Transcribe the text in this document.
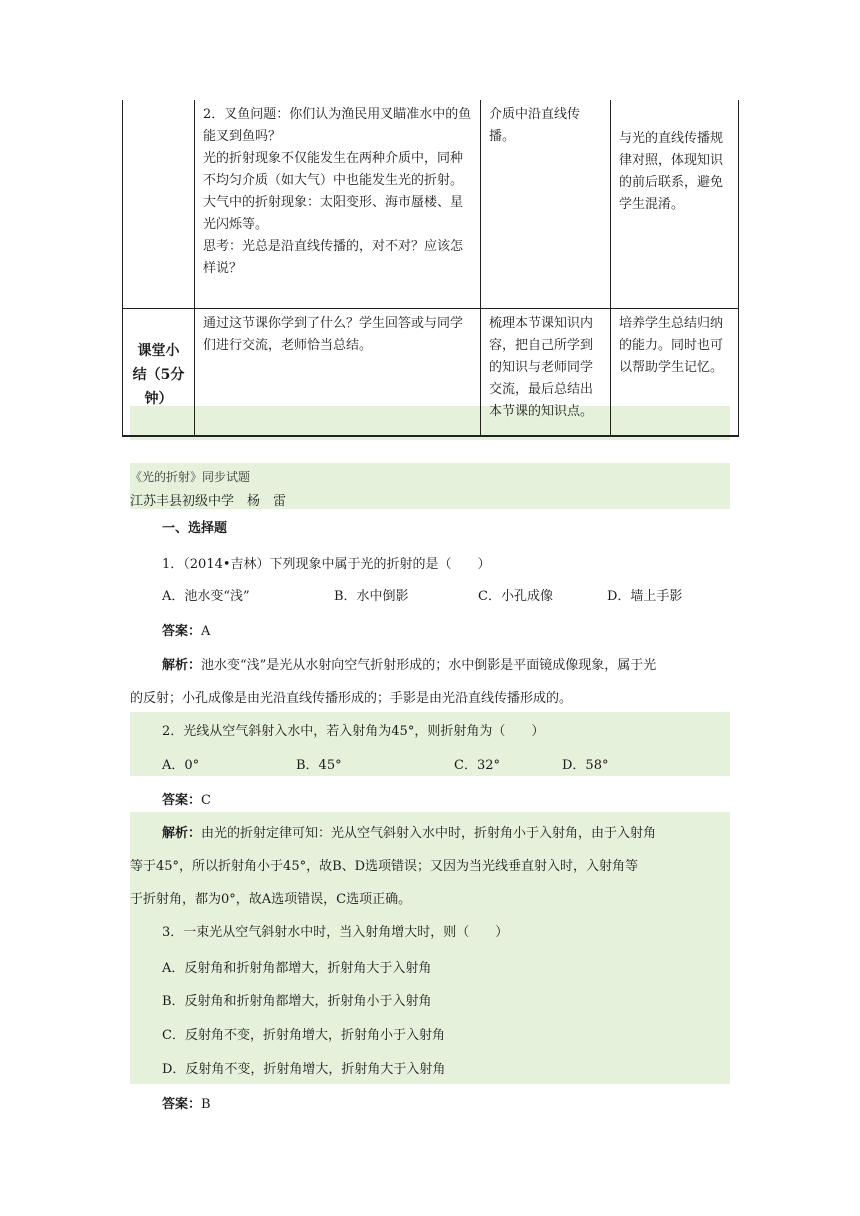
	2．叉鱼问题：你们认为渔民用叉瞄准水中的鱼能叉到鱼吗？

光的折射现象不仅能发生在两种介质中，同种不均匀介质（如大气）中也能发生光的折射。大气中的折射现象：太阳变形、海市蜃楼、星光闪烁等。

思考：光总是沿直线传播的，对不对？应该怎样说？	介质中沿直线传播。	与光的直线传播规律对照，体现知识的前后联系，避免学生混淆。
课堂小结（5分钟）	通过这节课你学到了什么？学生回答或与同学们进行交流，老师恰当总结。	梳理本节课知识内容，把自己所学到的知识与老师同学交流，最后总结出本节课的知识点。	培养学生总结归纳的能力。同时也可以帮助学生记忆。
《光的折射》同步试题
江苏丰县初级中学　杨　雷
一、选择题
1．（2014•吉林）下列现象中属于光的折射的是（　　）
A．池水变“浅”	B．水中倒影	C．小孔成像	D．墙上手影
答案：A
解析：池水变“浅”是光从水射向空气折射形成的；水中倒影是平面镜成像现象，属于光
的反射；小孔成像是由光沿直线传播形成的；手影是由光沿直线传播形成的。
2．光线从空气斜射入水中，若入射角为45°，则折射角为（　　）
A．0°	B．45°	C．32°	D．58°
答案：C
解析：由光的折射定律可知：光从空气斜射入水中时，折射角小于入射角，由于入射角
等于45°，所以折射角小于45°，故B、D选项错误；又因为当光线垂直射入时，入射角等
于折射角，都为0°，故A选项错误，C选项正确。
3．一束光从空气斜射水中时，当入射角增大时，则（　　）
A．反射角和折射角都增大，折射角大于入射角
B．反射角和折射角都增大，折射角小于入射角
C．反射角不变，折射角增大，折射角小于入射角
D．反射角不变，折射角增大，折射角大于入射角
答案：B
